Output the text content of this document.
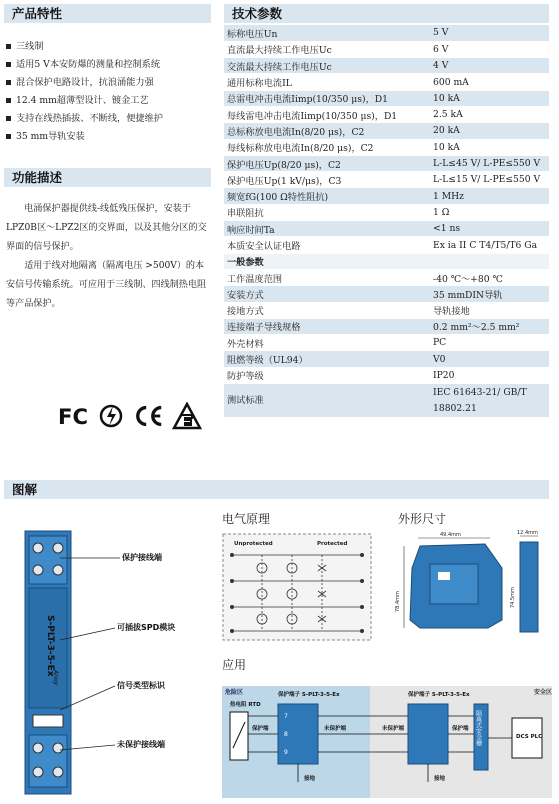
产品特性	技术参数
功能描述
图解
三线制
适用5 V本安防爆的测量和控制系统
混合保护电路设计，抗浪涌能力强
12.4 mm超薄型设计、镀金工艺
支持在线热插拔、不断线，便捷维护
35 mm导轨安装

电涌保护器提供线-线低残压保护，安装于LPZ0B区～LPZ2区的交界面，以及其他分区的交界面的信号保护。

适用于线对地隔离（隔离电压 >500V）的本安信号传输系统。可应用于三线制、四线制热电阻等产品保护。

FC
标称电压Un	5 V
直流最大持续工作电压Uc	6 V
交流最大持续工作电压Uc	4 V
通用标称电流IL	600 mA
总雷电冲击电流Iimp(10/350 μs)，D1	10 kA
每线雷电冲击电流Iimp(10/350 μs)，D1	2.5 kA
总标称放电电流In(8/20 μs)，C2	20 kA
每线标称放电电流In(8/20 μs)，C2	10 kA
保护电压Up(8/20 μs)，C2	L-L≤45 V/ L-PE≤550 V
保护电压Up(1 kV/μs)，C3	L-L≤15 V/ L-PE≤550 V
频宽fG(100 Ω特性阻抗)	1 MHz
串联阻抗	1 Ω
响应时间Ta	<1 ns
本质安全认证电路	Ex ia II C T4/T5/T6 Ga
一般参数	
工作温度范围	-40 ℃～+80 ℃
安装方式	35 mmDIN导轨
接地方式	导轨接地
连接端子导线规格	0.2 mm²～2.5 mm²
外壳材料	PC
阻燃等级（UL94）	V0
防护等级	IP20
测试标准	IEC 61643-21/ GB/T 18802.21
S-PLT-3-5-Ex
Anoy
保护接线端
可插拔SPD模块
信号类型标识
未保护接线端
电气原理	外形尺寸
应用
Unprotected	Protected
49.4mm
78.4mm
12.4mm
74.5mm
危险区	安全区
热电阻 RTD
保护端子 S-PLT-3-5-Ex
7
8
9
保护端	未保护端
保护端子 S-PLT-3-5-Ex
未保护端	保护端 隔离式安全栅	DCS PLC
接地	接地
